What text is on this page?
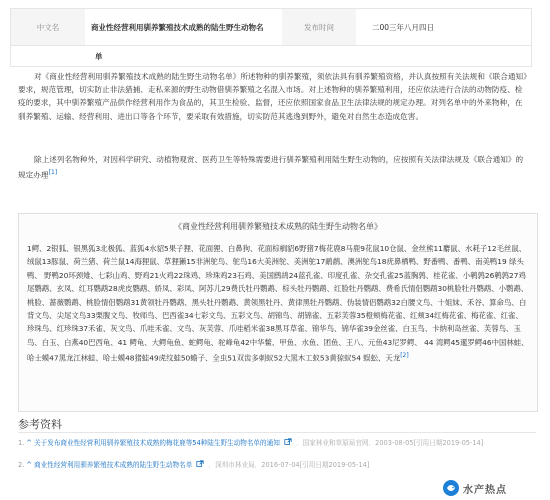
中文名	商业性经营利用驯养繁殖技术成熟的陆生野生动物名	发布时间	二00三年八月四日
单

对《商业性经营利用驯养繁殖技术成熟的陆生野生动物名单》所述物种的驯养繁殖，须依法具有驯养繁殖资格，并认真按照有关法规和《联合通知》要求，规范管理，切实防止非法猎捕、走私来源的野生动物借驯养繁殖之名混入市场。对上述物种的驯养繁殖利用，还应依法进行合法的动物防疫、检疫的要求，其中驯养繁殖产品供作经营利用作为食品的，其卫生检验、监督，还应依照国家食品卫生法律法规的规定办理。对列名单中的外来物种，在驯养繁殖、运输、经营利用、进出口等各个环节，要采取有效措施，切实防范其逃逸到野外，避免对自然生态造成危害。

除上述列名物种外，对因科学研究、动植物观赏、医药卫生等特殊需要进行驯养繁殖利用陆生野生动物的，应按照有关法律法规及《联合通知》的规定办理[1]

《商业性经营利用驯养繁殖技术成熟的陆生野生动物名单》
1鳄、2银狐、银黑狐3北极狐、蓝狐4水貂5果子狸、花面狸、白鼻狗、花面棕榈貂6野猪7梅花鹿8马鹿9花鼠10仓鼠、金丝熊11麝鼠、水耗子12毛丝鼠、绒鼠13豚鼠、荷兰猪、荷兰鼠14海狸鼠、草狸獭15非洲鸵鸟、鸵鸟16大美洲鸵、美洲鸵17鸸鹋、澳洲鸵鸟18疣鼻栖鸭、野番鸭、番鸭、南美鸭19 绿头鸭、 野鸭20环颈雉、七彩山鸡、野鸡21火鸡22珠鸡、珍珠鸡23石鸡、美国鹧鸪24蓝孔雀、印度孔雀、杂交孔雀25蓝胸鹑、桂花雀、小鹌鹑26鹌鹑27鸡尾鹦鹉、玄凤、红耳鹦鹉28虎皮鹦鹉、娇凤、彩凤、阿苏儿29费氏牡丹鹦鹉、棕头牡丹鹦鹉、红脸牡丹鹦鹉、费希氏情侣鹦鹉30桃脸牡丹鹦鹉、小鹦鹉、桃脸、蔷薇鹦鹉、桃脸情侣鹦鹉31黄领牡丹鹦鹉、黑头牡丹鹦鹉、黄领黑牡丹、黄律黑牡丹鹦鹉、伪装情侣鹦鹉32白腰文鸟、十姐妹、禾谷、算命鸟、白背文鸟、尖尾文鸟33栗腹文鸟、牧师鸟、巴西雀34七彩文鸟、五彩文鸟、胡锦鸟、胡锦雀、五彩芙蓉35橙颊梅花雀、红颊34红梅花雀、梅花雀、红雀、珍珠鸟、红珍珠37禾雀、灰文鸟、爪哇禾雀、文鸟、灰芙蓉、爪哇稻米雀38黑耳草雀、锦华鸟、锦华雀39金丝雀、白玉鸟、卡纳利岛丝雀、芙蓉鸟、玉鸟、白玉、白燕40巴西龟、41 鳄龟、大鳄龟鱼、蛇鳄龟、驼峰龟42中华鳖、甲鱼、水鱼、团鱼、王八、元鱼43尼罗鳄、 44 湾鳄45暹罗鳄46中国林蛙、哈士蟆47黑龙江林蛙、哈士蟆48猪蛙49虎纹蛙50蟾子、全虫51双齿多刺蚁52大黑木工蚁53黄猄蚁54 蜈蚣、天龙[2]
参考资料
1. ^ 关于发布商业性经营利用驯养繁殖技术成熟的梅花鹿等54种陆生野生动物名单的通知 ．国家林业和草原局官网．2003-08-05[引用日期2019-05-14]
2. ^ 商业性经营利用驯养繁殖技术成熟的陆生野生动物名单 ．深圳市林业局．2016-07-04[引用日期2019-05-14]
水产热点
